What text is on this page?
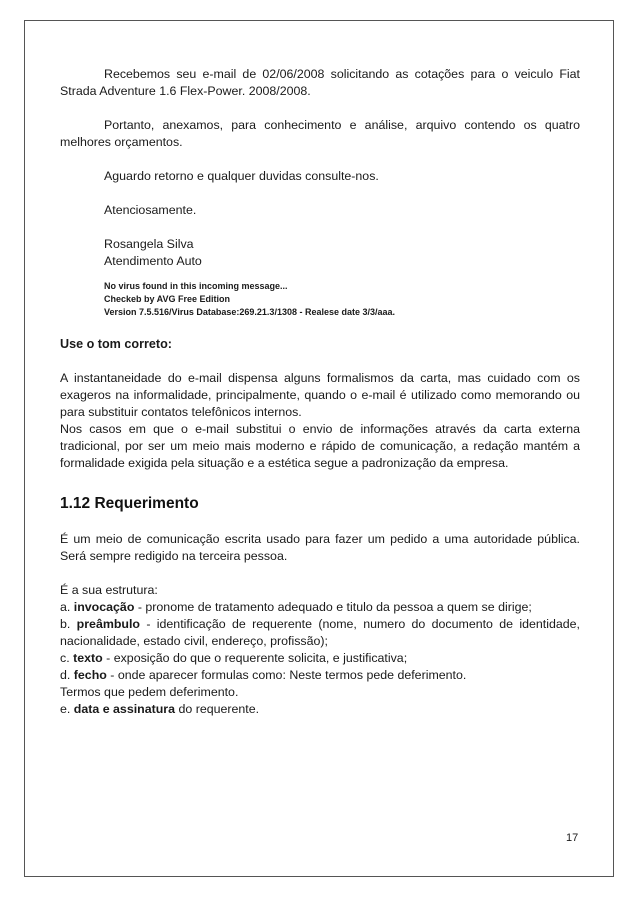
Recebemos seu e-mail de 02/06/2008 solicitando as cotações para o veiculo Fiat Strada Adventure 1.6 Flex-Power. 2008/2008.

Portanto, anexamos, para conhecimento e análise, arquivo contendo os quatro melhores orçamentos.

Aguardo retorno e qualquer duvidas consulte-nos.

Atenciosamente.

Rosangela Silva

Atendimento Auto

No virus found in this incoming message...
Checkeb by AVG Free Edition
Version 7.5.516/Virus Database:269.21.3/1308 - Realese date 3/3/aaa.

Use o tom correto:

A instantaneidade do e-mail dispensa alguns formalismos da carta, mas cuidado com os exageros na informalidade, principalmente, quando o e-mail é utilizado como memorando ou para substituir contatos telefônicos internos.

Nos casos em que o e-mail substitui o envio de informações através da carta externa tradicional, por ser um meio mais moderno e rápido de comunicação, a redação mantém a formalidade exigida pela situação e a estética segue a padronização da empresa.

1.12 Requerimento

É um meio de comunicação escrita usado para fazer um pedido a uma autoridade pública. Será sempre redigido na terceira pessoa.

É a sua estrutura:

a. invocação - pronome de tratamento adequado e titulo da pessoa a quem se dirige;

b. preâmbulo - identificação de requerente (nome, numero do documento de identidade, nacionalidade, estado civil, endereço, profissão);

c. texto - exposição do que o requerente solicita, e justificativa;

d. fecho - onde aparecer formulas como: Neste termos pede deferimento.

Termos que pedem deferimento.

e. data e assinatura do requerente.

17
